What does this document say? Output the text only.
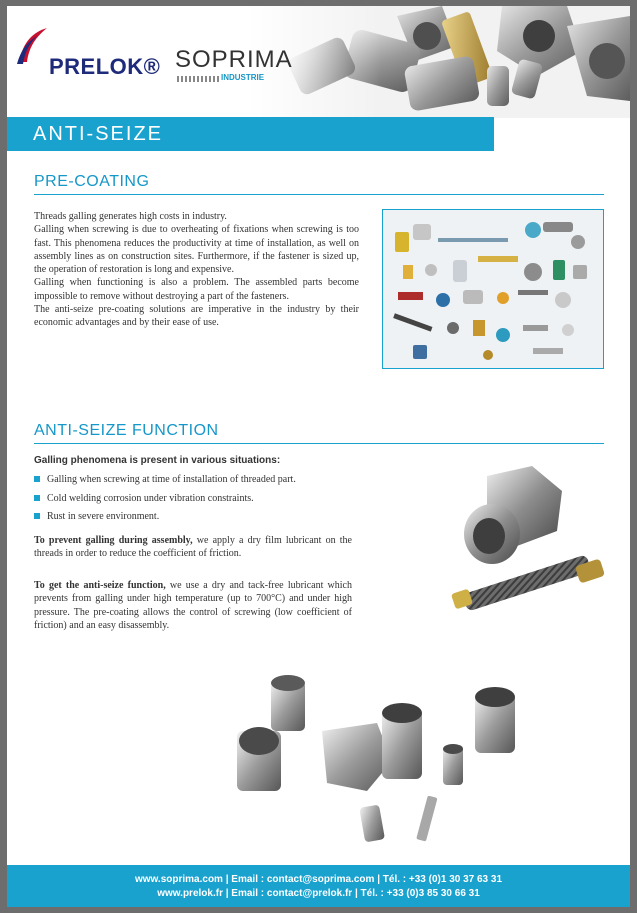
PRELOK® SOPRIMA
INDUSTRIE
ANTI-SEIZE
PRE-COATING

Threads galling generates high costs in industry.

Galling when screwing is due to overheating of fixations when screwing is too fast. This phenomena reduces the productivity at time of installation, as well on assembly lines as on construction sites. Furthermore, if the fastener is sized up, the operation of restoration is long and expensive.

Galling when functioning is also a problem. The assembled parts become impossible to remove without destroying a part of the fasteners.

The anti-seize pre-coating solutions are imperative in the industry by their economic advantages and by their ease of use.

ANTI-SEIZE FUNCTION

Galling phenomena is present in various situations:

Galling when screwing at time of installation of threaded part.
Cold welding corrosion under vibration constraints.
Rust in severe environment.

To prevent galling during assembly, we apply a dry film lubricant on the threads in order to reduce the coefficient of friction.

To get the anti-seize function, we use a dry and tack-free lubricant which prevents from galling under high temperature (up to 700°C) and under high pressure. The pre-coating allows the control of screwing (low coefficient of friction) and an easy disassembly.

www.soprima.com | Email : contact@soprima.com | Tél. : +33 (0)1 30 37 63 31
www.prelok.fr | Email : contact@prelok.fr | Tél. : +33 (0)3 85 30 66 31
